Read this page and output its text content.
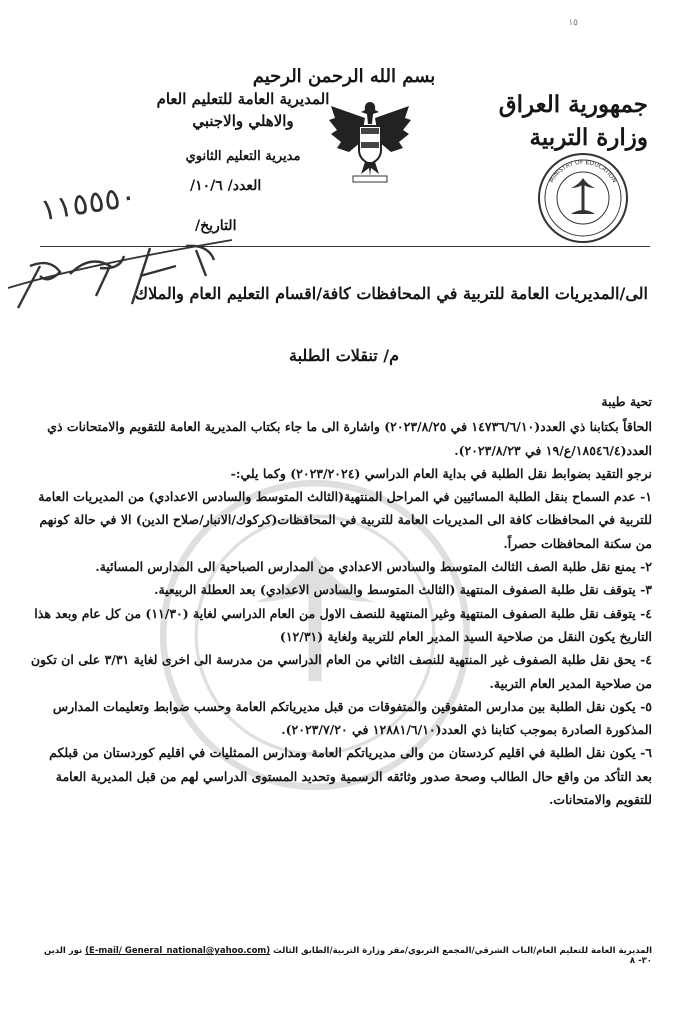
١٥
بسم الله الرحمن الرحيم
جمهورية العراق
وزارة التربية
المديرية العامة للتعليم العام
والاهلي والاجنبي
مديرية التعليم الثانوي
MINISTRY OF EDUCATION
العدد/ ١٠/٦/
التاريخ/
١١٥٥٥٠
الى/المديريات العامة للتربية في المحافظات كافة/اقسام التعليم العام والملاك
م/ تنقلات الطلبة

تحية طيبة

الحاقاً بكتابنا ذي العدد(١٤٧٣٦/٦/١٠ في ٢٠٢٣/٨/٢٥) واشارة الى ما جاء بكتاب المديرية العامة للتقويم والامتحانات ذي العدد(١٨٥٤٦/٤/ع/١٩ في ٢٠٢٣/٨/٢٣).

نرجو التقيد بضوابط نقل الطلبة في بداية العام الدراسي (٢٠٢٣/٢٠٢٤) وكما يلي:-

١- عدم السماح بنقل الطلبة المسائيين في المراحل المنتهية(الثالث المتوسط والسادس الاعدادي) من المديريات العامة للتربية في المحافظات كافة الى المديريات العامة للتربية في المحافظات(كركوك/الانبار/صلاح الدين) الا في حالة كونهم من سكنة المحافظات حصراً.

٢- يمنع نقل طلبة الصف الثالث المتوسط والسادس الاعدادي من المدارس الصباحية الى المدارس المسائية.

٣- يتوقف نقل طلبة الصفوف المنتهية (الثالث المتوسط والسادس الاعدادي) بعد العطلة الربيعية.

٤- يتوقف نقل طلبة الصفوف المنتهية وغير المنتهية للنصف الاول من العام الدراسي لغاية (١١/٣٠) من كل عام وبعد هذا التاريخ يكون النقل من صلاحية السيد المدير العام للتربية ولغاية (١٢/٣١)

٤- يحق نقل طلبة الصفوف غير المنتهية للنصف الثاني من العام الدراسي من مدرسة الى اخرى لغاية ٣/٣١ على ان تكون من صلاحية المدير العام التربية.

٥- يكون نقل الطلبة بين مدارس المتفوقين والمتفوقات من قبل مديرياتكم العامة وحسب ضوابط وتعليمات المدارس المذكورة الصادرة بموجب كتابنا ذي العدد(١٢٨٨١/٦/١٠ في ٢٠٢٣/٧/٢٠).

٦- يكون نقل الطلبة في اقليم كردستان من والى مديرياتكم العامة ومدارس الممثليات في اقليم كوردستان من قبلكم بعد التأكد من واقع حال الطالب وصحة صدور وثائقه الرسمية وتحديد المستوى الدراسي لهم من قبل المديرية العامة للتقويم والامتحانات.

المديرية العامة للتعليم العام/الباب الشرقي/المجمع التربوي/مقر وزارة التربية/الطابق الثالث (E-mail/ General_national@yahoo.com) نور الدين ٣٠- ٨
